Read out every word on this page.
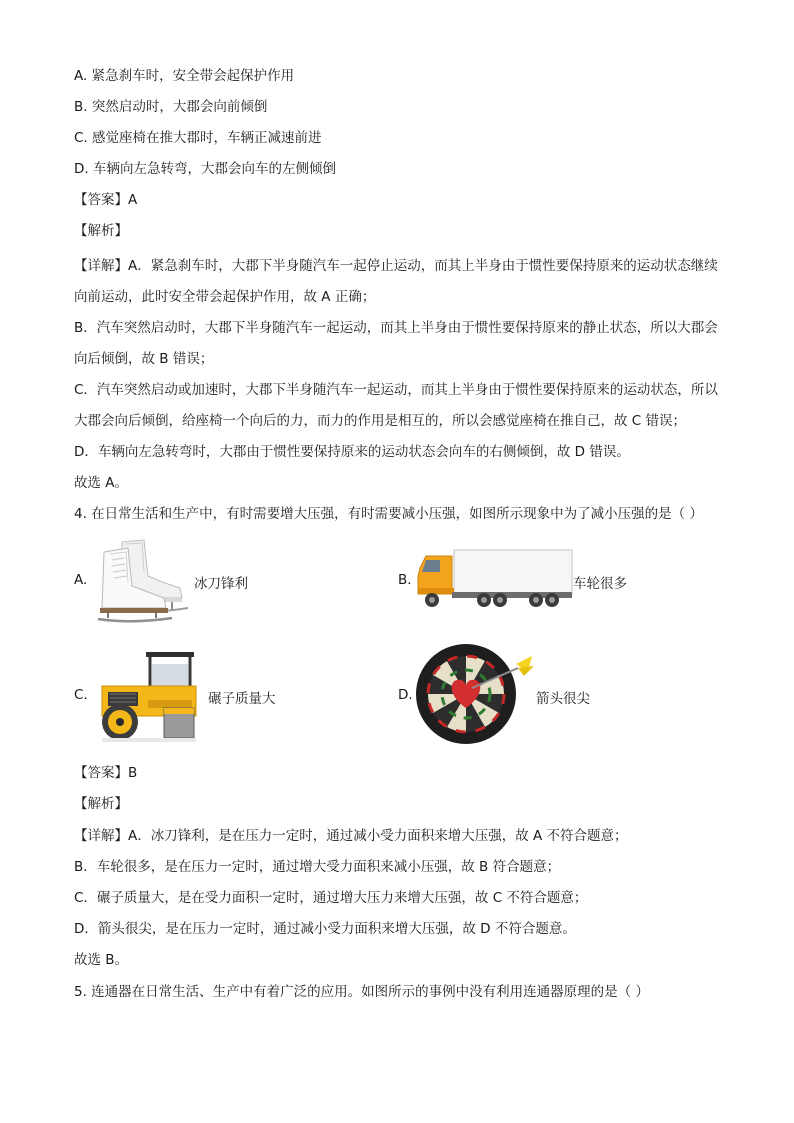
A. 紧急刹车时，安全带会起保护作用
B. 突然启动时，大郡会向前倾倒
C. 感觉座椅在推大郡时，车辆正减速前进
D. 车辆向左急转弯，大郡会向车的左侧倾倒
【答案】A
【解析】
【详解】A．紧急刹车时，大郡下半身随汽车一起停止运动，而其上半身由于惯性要保持原来的运动状态继续向前运动，此时安全带会起保护作用，故 A 正确；
B．汽车突然启动时，大郡下半身随汽车一起运动，而其上半身由于惯性要保持原来的静止状态，所以大郡会向后倾倒，故 B 错误；
C．汽车突然启动或加速时，大郡下半身随汽车一起运动，而其上半身由于惯性要保持原来的运动状态，所以大郡会向后倾倒，给座椅一个向后的力，而力的作用是相互的，所以会感觉座椅在推自己，故 C 错误；
D．车辆向左急转弯时，大郡由于惯性要保持原来的运动状态会向车的右侧倾倒，故 D 错误。
故选 A。
4. 在日常生活和生产中，有时需要增大压强，有时需要减小压强，如图所示现象中为了减小压强的是（ ）
A.	冰刀锋利	B.	车轮很多
C.	碾子质量大	D.	箭头很尖
【答案】B
【解析】
【详解】A．冰刀锋利，是在压力一定时，通过减小受力面积来增大压强，故 A 不符合题意；
B．车轮很多，是在压力一定时，通过增大受力面积来减小压强，故 B 符合题意；
C．碾子质量大，是在受力面积一定时，通过增大压力来增大压强，故 C 不符合题意；
D．箭头很尖，是在压力一定时，通过减小受力面积来增大压强，故 D 不符合题意。
故选 B。
5. 连通器在日常生活、生产中有着广泛的应用。如图所示的事例中没有利用连通器原理的是（ ）
